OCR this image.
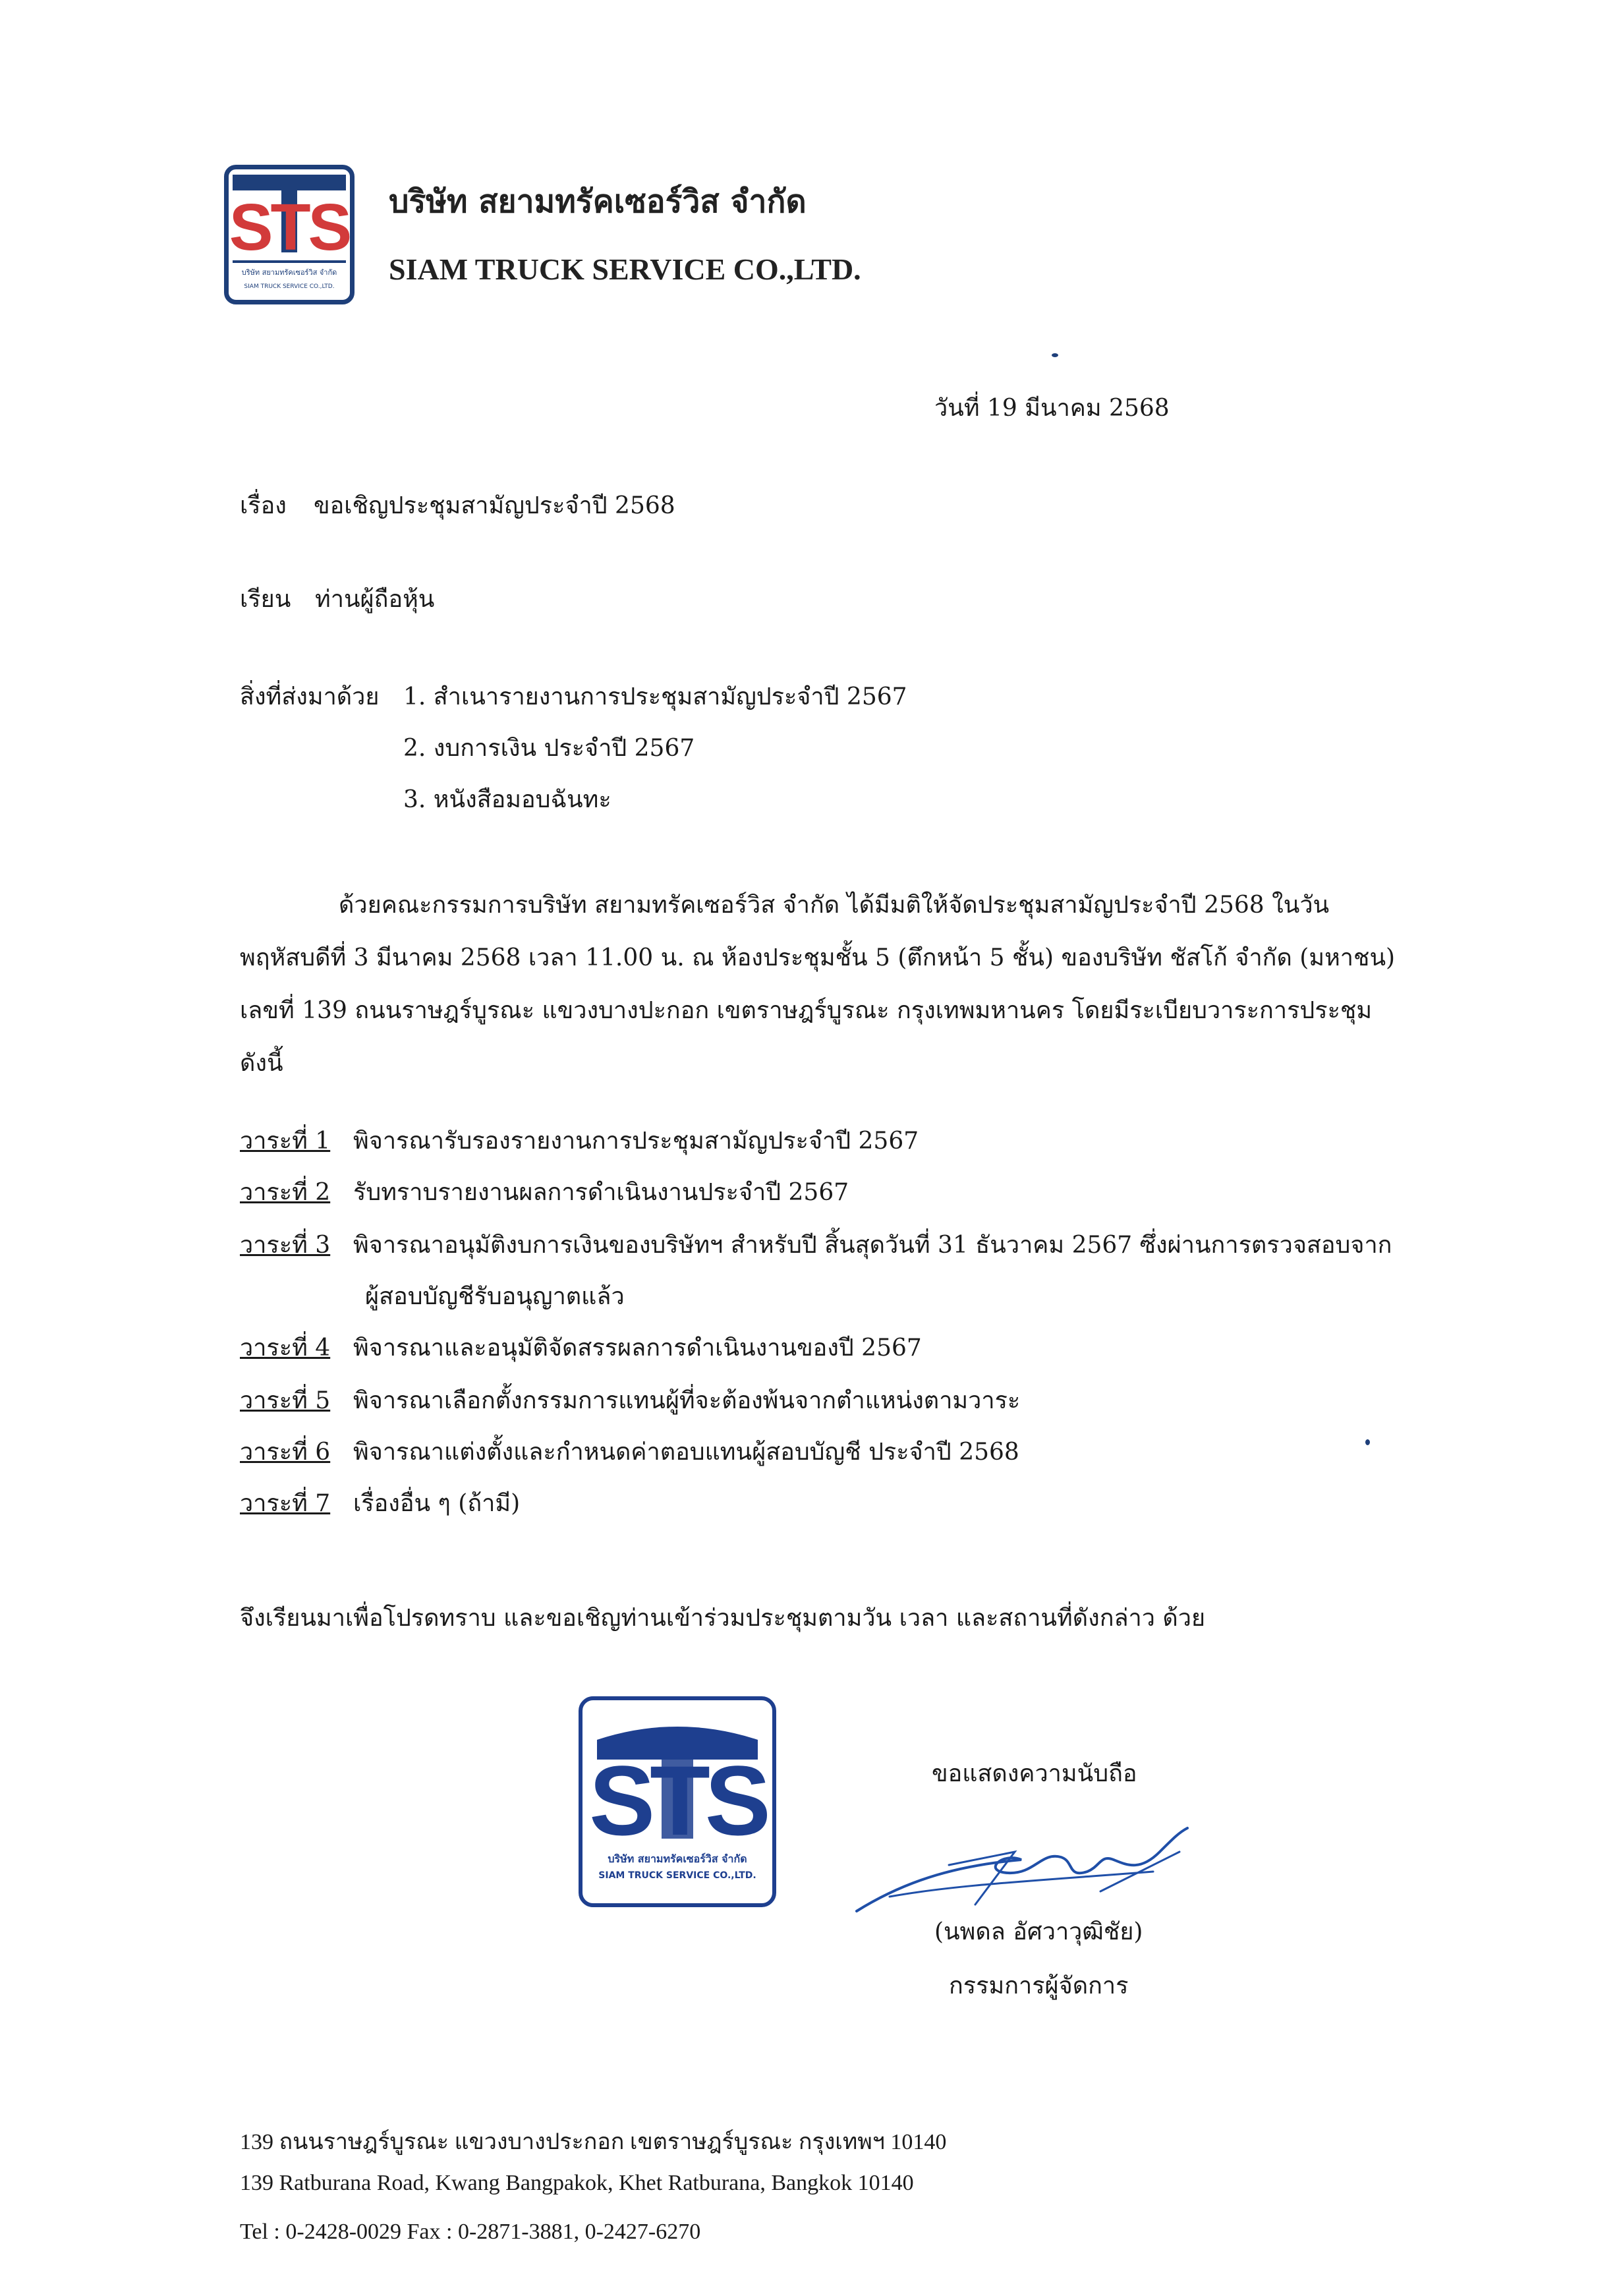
STS
บริษัท สยามทรัคเซอร์วิส จำกัด
SIAM TRUCK SERVICE CO.,LTD.
บริษัท สยามทรัคเซอร์วิส จำกัด
SIAM TRUCK SERVICE CO.,LTD.
วันที่ 19 มีนาคม 2568
เรื่อง ขอเชิญประชุมสามัญประจำปี 2568
เรียน ท่านผู้ถือหุ้น
สิ่งที่ส่งมาด้วย 1. สำเนารายงานการประชุมสามัญประจำปี 2567
2. งบการเงิน ประจำปี 2567
3. หนังสือมอบฉันทะ
ด้วยคณะกรรมการบริษัท สยามทรัคเซอร์วิส จำกัด ได้มีมติให้จัดประชุมสามัญประจำปี 2568 ในวันพฤหัสบดีที่ 3 มีนาคม 2568 เวลา 11.00 น. ณ ห้องประชุมชั้น 5 (ตึกหน้า 5 ชั้น) ของบริษัท ชัสโก้ จำกัด (มหาชน) เลขที่ 139 ถนนราษฎร์บูรณะ แขวงบางปะกอก เขตราษฎร์บูรณะ กรุงเทพมหานคร โดยมีระเบียบวาระการประชุมดังนี้
วาระที่ 1 พิจารณารับรองรายงานการประชุมสามัญประจำปี 2567
วาระที่ 2 รับทราบรายงานผลการดำเนินงานประจำปี 2567
วาระที่ 3 พิจารณาอนุมัติงบการเงินของบริษัทฯ สำหรับปี สิ้นสุดวันที่ 31 ธันวาคม 2567 ซึ่งผ่านการตรวจสอบจาก
ผู้สอบบัญชีรับอนุญาตแล้ว
วาระที่ 4 พิจารณาและอนุมัติจัดสรรผลการดำเนินงานของปี 2567
วาระที่ 5 พิจารณาเลือกตั้งกรรมการแทนผู้ที่จะต้องพ้นจากตำแหน่งตามวาระ
วาระที่ 6 พิจารณาแต่งตั้งและกำหนดค่าตอบแทนผู้สอบบัญชี ประจำปี 2568
วาระที่ 7 เรื่องอื่น ๆ (ถ้ามี)
จึงเรียนมาเพื่อโปรดทราบ และขอเชิญท่านเข้าร่วมประชุมตามวัน เวลา และสถานที่ดังกล่าว ด้วย
STS
บริษัท สยามทรัคเซอร์วิส จำกัด
SIAM TRUCK SERVICE CO.,LTD.
ขอแสดงความนับถือ
(นพดล อัศวาวุฒิชัย)
กรรมการผู้จัดการ
139 ถนนราษฎร์บูรณะ แขวงบางประกอก เขตราษฎร์บูรณะ กรุงเทพฯ 10140
139 Ratburana Road, Kwang Bangpakok, Khet Ratburana, Bangkok 10140
Tel : 0-2428-0029 Fax : 0-2871-3881, 0-2427-6270
